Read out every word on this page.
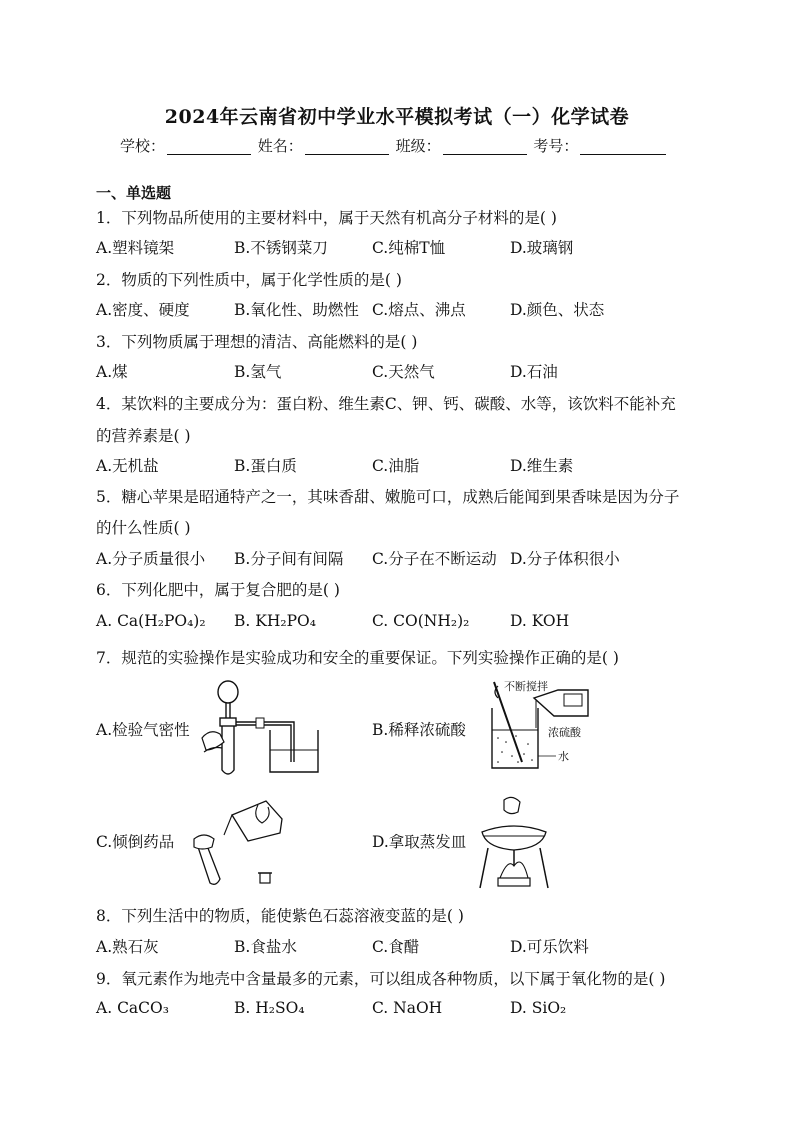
2024年云南省初中学业水平模拟考试（一）化学试卷
学校：	姓名：	班级：	考号：
一、单选题
1．下列物品所使用的主要材料中，属于天然有机高分子材料的是( )
A.塑料镜架	B.不锈钢菜刀	C.纯棉T恤	D.玻璃钢
2．物质的下列性质中，属于化学性质的是( )
A.密度、硬度	B.氧化性、助燃性 C.熔点、沸点	D.颜色、状态
3．下列物质属于理想的清洁、高能燃料的是( )
A.煤	B.氢气	C.天然气	D.石油
4．某饮料的主要成分为：蛋白粉、维生素C、钾、钙、碳酸、水等，该饮料不能补充
的营养素是( )
A.无机盐	B.蛋白质	C.油脂	D.维生素
5．糖心苹果是昭通特产之一，其味香甜、嫩脆可口，成熟后能闻到果香味是因为分子
的什么性质( )
A.分子质量很小 B.分子间有间隔 C.分子在不断运动 D.分子体积很小
6．下列化肥中，属于复合肥的是( )
A. Ca(H₂PO₄)₂ B. KH₂PO₄	C. CO(NH₂)₂	D. KOH
7．规范的实验操作是实验成功和安全的重要保证。下列实验操作正确的是( )
A.检验气密性	B.稀释浓硫酸
不断搅拌
浓硫酸
水
C.倾倒药品	D.拿取蒸发皿
8．下列生活中的物质，能使紫色石蕊溶液变蓝的是( )
A.熟石灰	B.食盐水	C.食醋	D.可乐饮料
9．氧元素作为地壳中含量最多的元素，可以组成各种物质，以下属于氧化物的是( )
A. CaCO₃	B. H₂SO₄	C. NaOH	D. SiO₂
